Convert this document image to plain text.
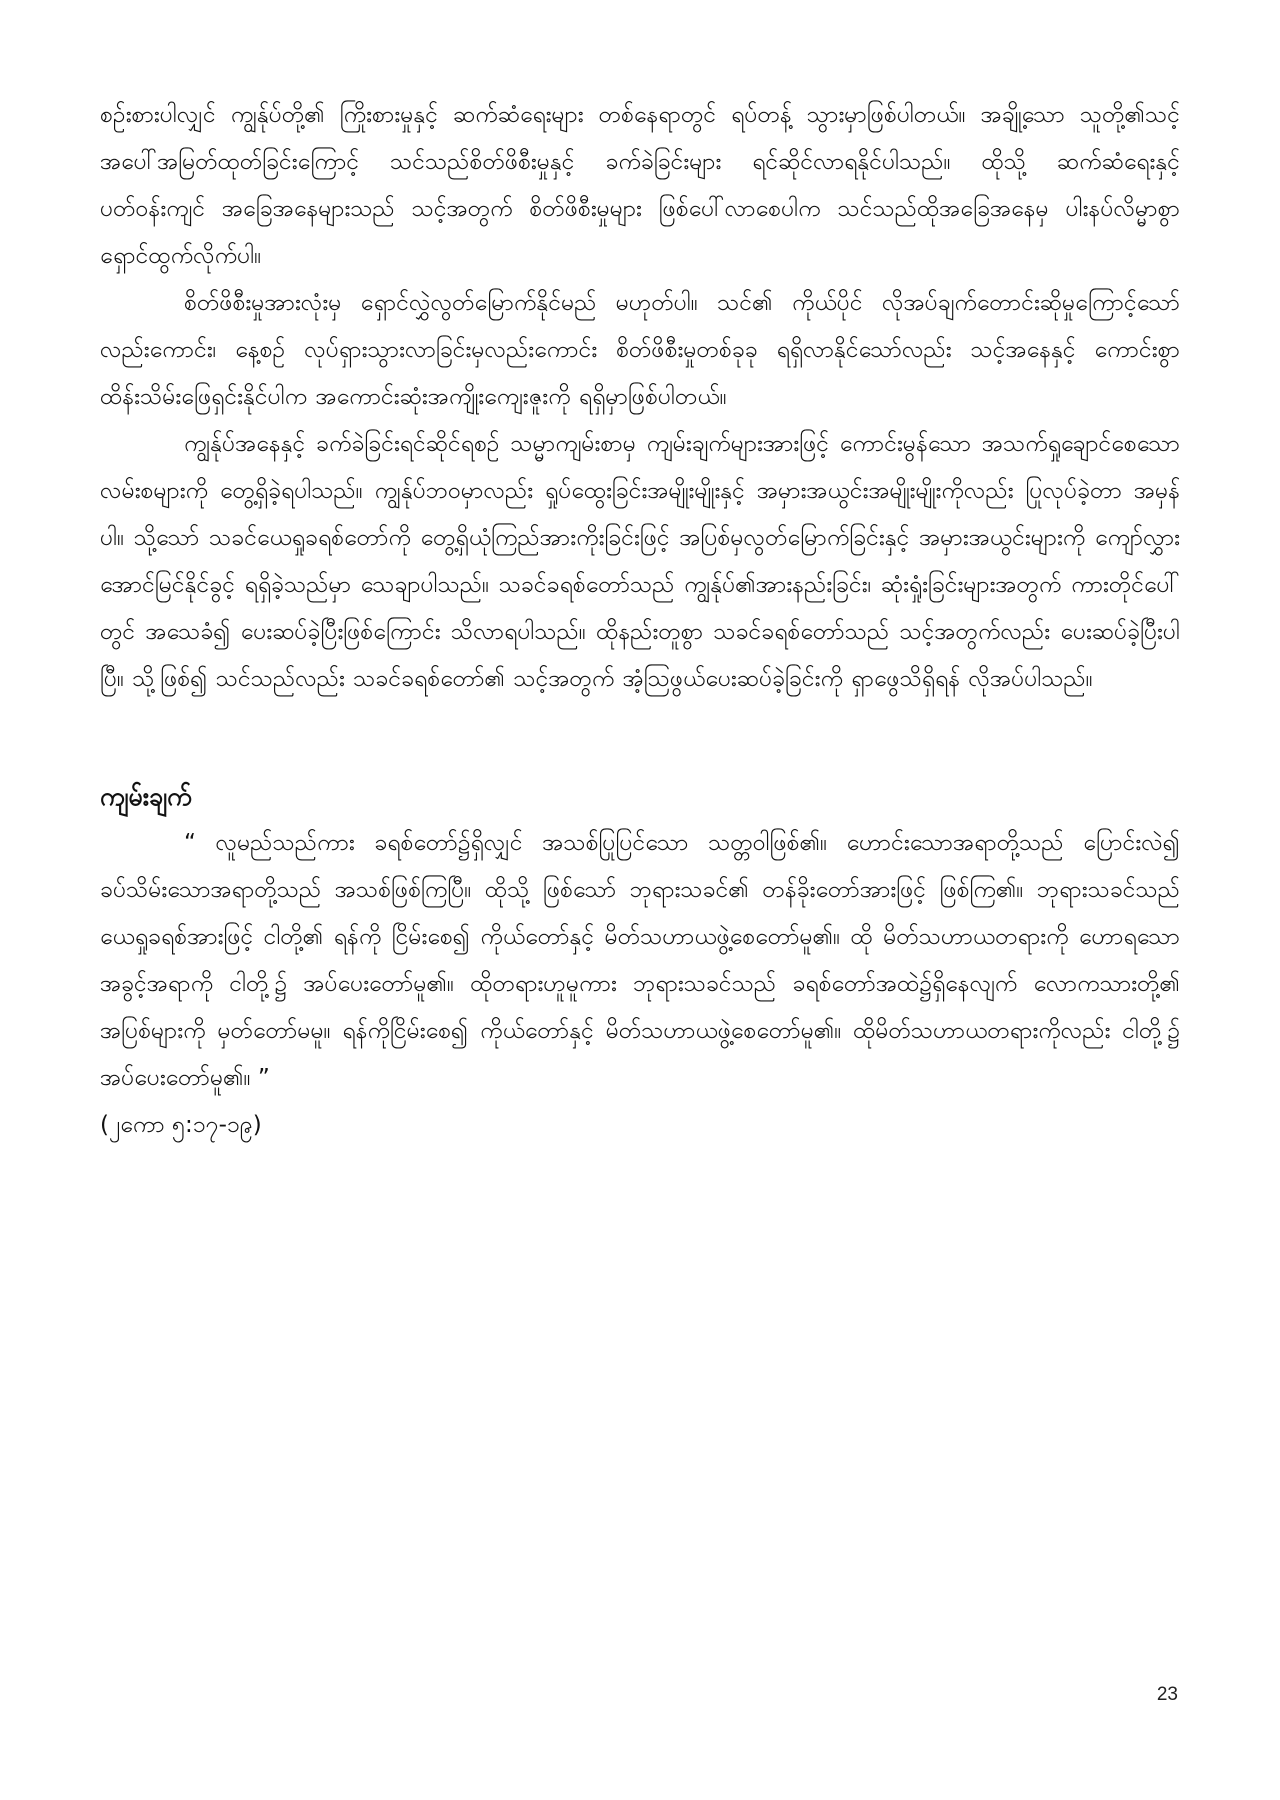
စဉ်းစားပါလျှင် ကျွန်ုပ်တို့၏ ကြိုးစားမှုနှင့် ဆက်ဆံရေးများ တစ်နေရာတွင် ရပ်တန့် သွားမှာဖြစ်ပါတယ်။ အချို့သော သူတို့၏သင့်အပေါ်အမြတ်ထုတ်ခြင်းကြောင့် သင်သည်စိတ်ဖိစီးမှုနှင့် ခက်ခဲခြင်းများ ရင်ဆိုင်လာရနိုင်ပါသည်။ ထိုသို့ ဆက်ဆံရေးနှင့် ပတ်ဝန်းကျင် အခြေအနေများသည် သင့်အတွက် စိတ်ဖိစီးမှုများ ဖြစ်ပေါ်လာစေပါက သင်သည်ထိုအခြေအနေမှ ပါးနပ်လိမ္မာစွာ ရှောင်ထွက်လိုက်ပါ။

စိတ်ဖိစီးမှုအားလုံးမှ ရှောင်လွှဲလွတ်မြောက်နိုင်မည် မဟုတ်ပါ။ သင်၏ ကိုယ်ပိုင် လိုအပ်ချက်တောင်းဆိုမှုကြောင့်သော် လည်းကောင်း၊ နေ့စဉ် လုပ်ရှားသွားလာခြင်းမှလည်းကောင်း စိတ်ဖိစီးမှုတစ်ခုခု ရရှိလာနိုင်သော်လည်း သင့်အနေနှင့် ကောင်းစွာထိန်းသိမ်းဖြေရှင်းနိုင်ပါက အကောင်းဆုံးအကျိုးကျေးဇူးကို ရရှိမှာဖြစ်ပါတယ်။

ကျွန်ုပ်အနေနှင့် ခက်ခဲခြင်းရင်ဆိုင်ရစဉ် သမ္မာကျမ်းစာမှ ကျမ်းချက်များအားဖြင့် ကောင်းမွန်သော အသက်ရှုချောင်စေသော လမ်းစများကို တွေ့ရှိခဲ့ရပါသည်။ ကျွန်ုပ်ဘဝမှာလည်း ရှုပ်ထွေးခြင်းအမျိုးမျိုးနှင့် အမှားအယွင်းအမျိုးမျိုးကိုလည်း ပြုလုပ်ခဲ့တာ အမှန်ပါ။ သို့သော် သခင်ယေရှုခရစ်တော်ကို တွေ့ရှိယုံကြည်အားကိုးခြင်းဖြင့် အပြစ်မှလွတ်မြောက်ခြင်းနှင့် အမှားအယွင်းများကို ကျော်လွှားအောင်မြင်နိုင်ခွင့် ရရှိခဲ့သည်မှာ သေချာပါသည်။ သခင်ခရစ်တော်သည် ကျွန်ုပ်၏အားနည်းခြင်း၊ ဆုံးရှုံးခြင်းများအတွက် ကားတိုင်ပေါ်တွင် အသေခံ၍ ပေးဆပ်ခဲ့ပြီးဖြစ်ကြောင်း သိလာရပါသည်။ ထိုနည်းတူစွာ သခင်ခရစ်တော်သည် သင့်အတွက်လည်း ပေးဆပ်ခဲ့ပြီးပါပြီ။ သို့ဖြစ်၍ သင်သည်လည်း သခင်ခရစ်တော်၏ သင့်အတွက် အံ့သြဖွယ်ပေးဆပ်ခဲ့ခြင်းကို ရှာဖွေသိရှိရန် လိုအပ်ပါသည်။

ကျမ်းချက်

“ လူမည်သည်ကား ခရစ်တော်၌ရှိလျှင် အသစ်ပြုပြင်သော သတ္တဝါဖြစ်၏။ ဟောင်းသောအရာတို့သည် ပြောင်းလဲ၍ ခပ်သိမ်းသောအရာတို့သည် အသစ်ဖြစ်ကြပြီ။ ထိုသို့ ဖြစ်သော် ဘုရားသခင်၏ တန်ခိုးတော်အားဖြင့် ဖြစ်ကြ၏။ ဘုရားသခင်သည် ယေရှုခရစ်အားဖြင့် ငါတို့၏ ရန်ကို ငြိမ်းစေ၍ ကိုယ်တော်နှင့် မိတ်သဟာယဖွဲ့စေတော်မူ၏။ ထို မိတ်သဟာယတရားကို ဟောရသောအခွင့်အရာကို ငါတို့၌ အပ်ပေးတော်မူ၏။ ထိုတရားဟူမူကား ဘုရားသခင်သည် ခရစ်တော်အထဲ၌ရှိနေလျက် လောကသားတို့၏ အပြစ်များကို မှတ်တော်မမူ။ ရန်ကိုငြိမ်းစေ၍ ကိုယ်တော်နှင့် မိတ်သဟာယဖွဲ့စေတော်မူ၏။ ထိုမိတ်သဟာယတရားကိုလည်း ငါတို့၌ အပ်ပေးတော်မူ၏။ ”

(၂ကော ၅:၁၇-၁၉)

23
